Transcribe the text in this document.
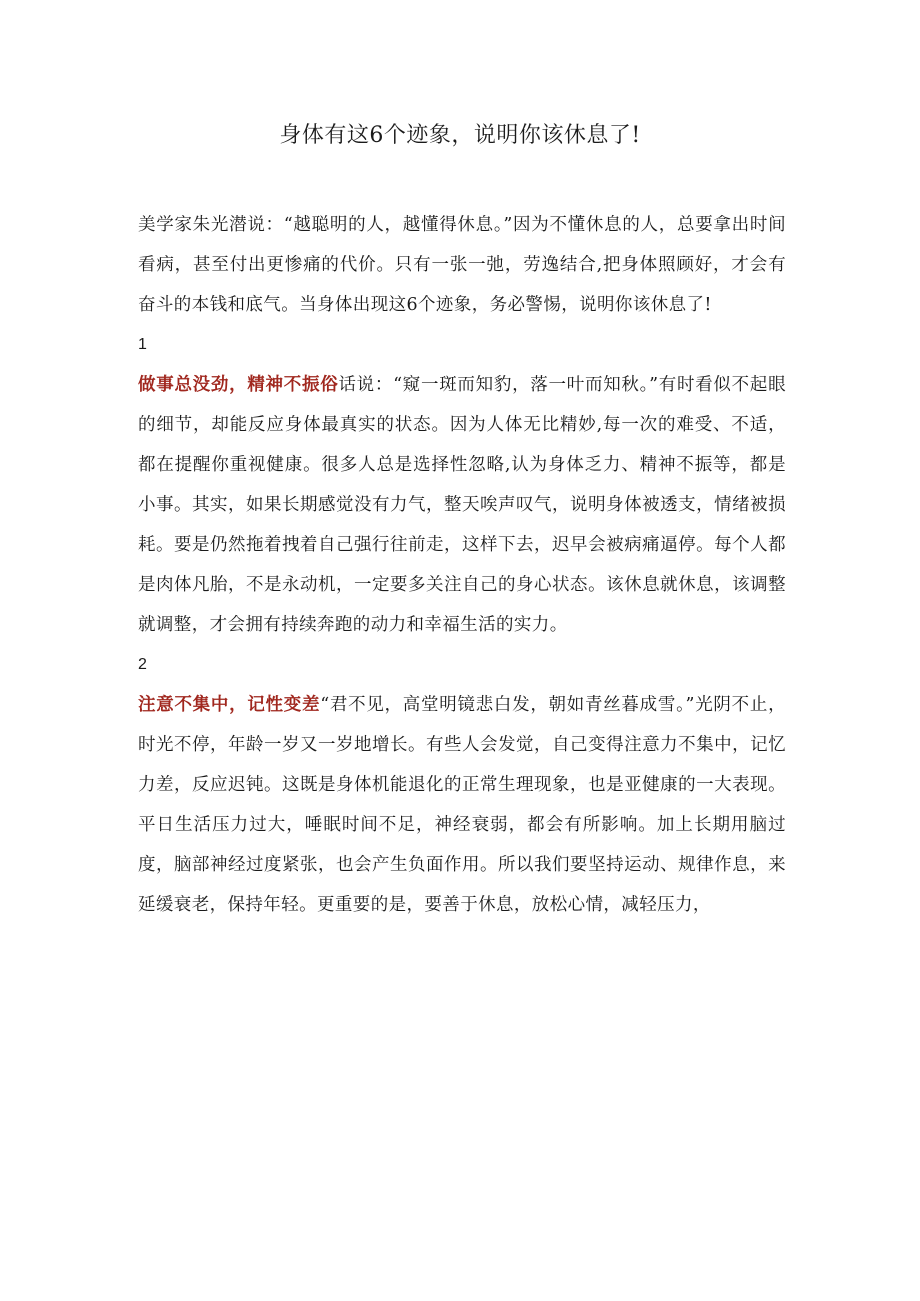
身体有这6个迹象，说明你该休息了!

美学家朱光潜说：“越聪明的人，越懂得休息。”因为不懂休息的人，总要拿出时间看病，甚至付出更惨痛的代价。只有一张一弛，劳逸结合,把身体照顾好，才会有奋斗的本钱和底气。当身体出现这6个迹象，务必警惕，说明你该休息了!

1

做事总没劲，精神不振俗话说：“窥一斑而知豹，落一叶而知秋。”有时看似不起眼的细节，却能反应身体最真实的状态。因为人体无比精妙,每一次的难受、不适，都在提醒你重视健康。很多人总是选择性忽略,认为身体乏力、精神不振等，都是小事。其实，如果长期感觉没有力气，整天唉声叹气，说明身体被透支，情绪被损耗。要是仍然拖着拽着自己强行往前走，这样下去，迟早会被病痛逼停。每个人都是肉体凡胎，不是永动机，一定要多关注自己的身心状态。该休息就休息，该调整就调整，才会拥有持续奔跑的动力和幸福生活的实力。

2

注意不集中，记性变差“君不见，高堂明镜悲白发，朝如青丝暮成雪。”光阴不止，时光不停，年龄一岁又一岁地增长。有些人会发觉，自己变得注意力不集中，记忆力差，反应迟钝。这既是身体机能退化的正常生理现象，也是亚健康的一大表现。平日生活压力过大，唾眠时间不足，神经衰弱，都会有所影响。加上长期用脑过度，脑部神经过度紧张，也会产生负面作用。所以我们要坚持运动、规律作息，来延缓衰老，保持年轻。更重要的是，要善于休息，放松心情，减轻压力，
